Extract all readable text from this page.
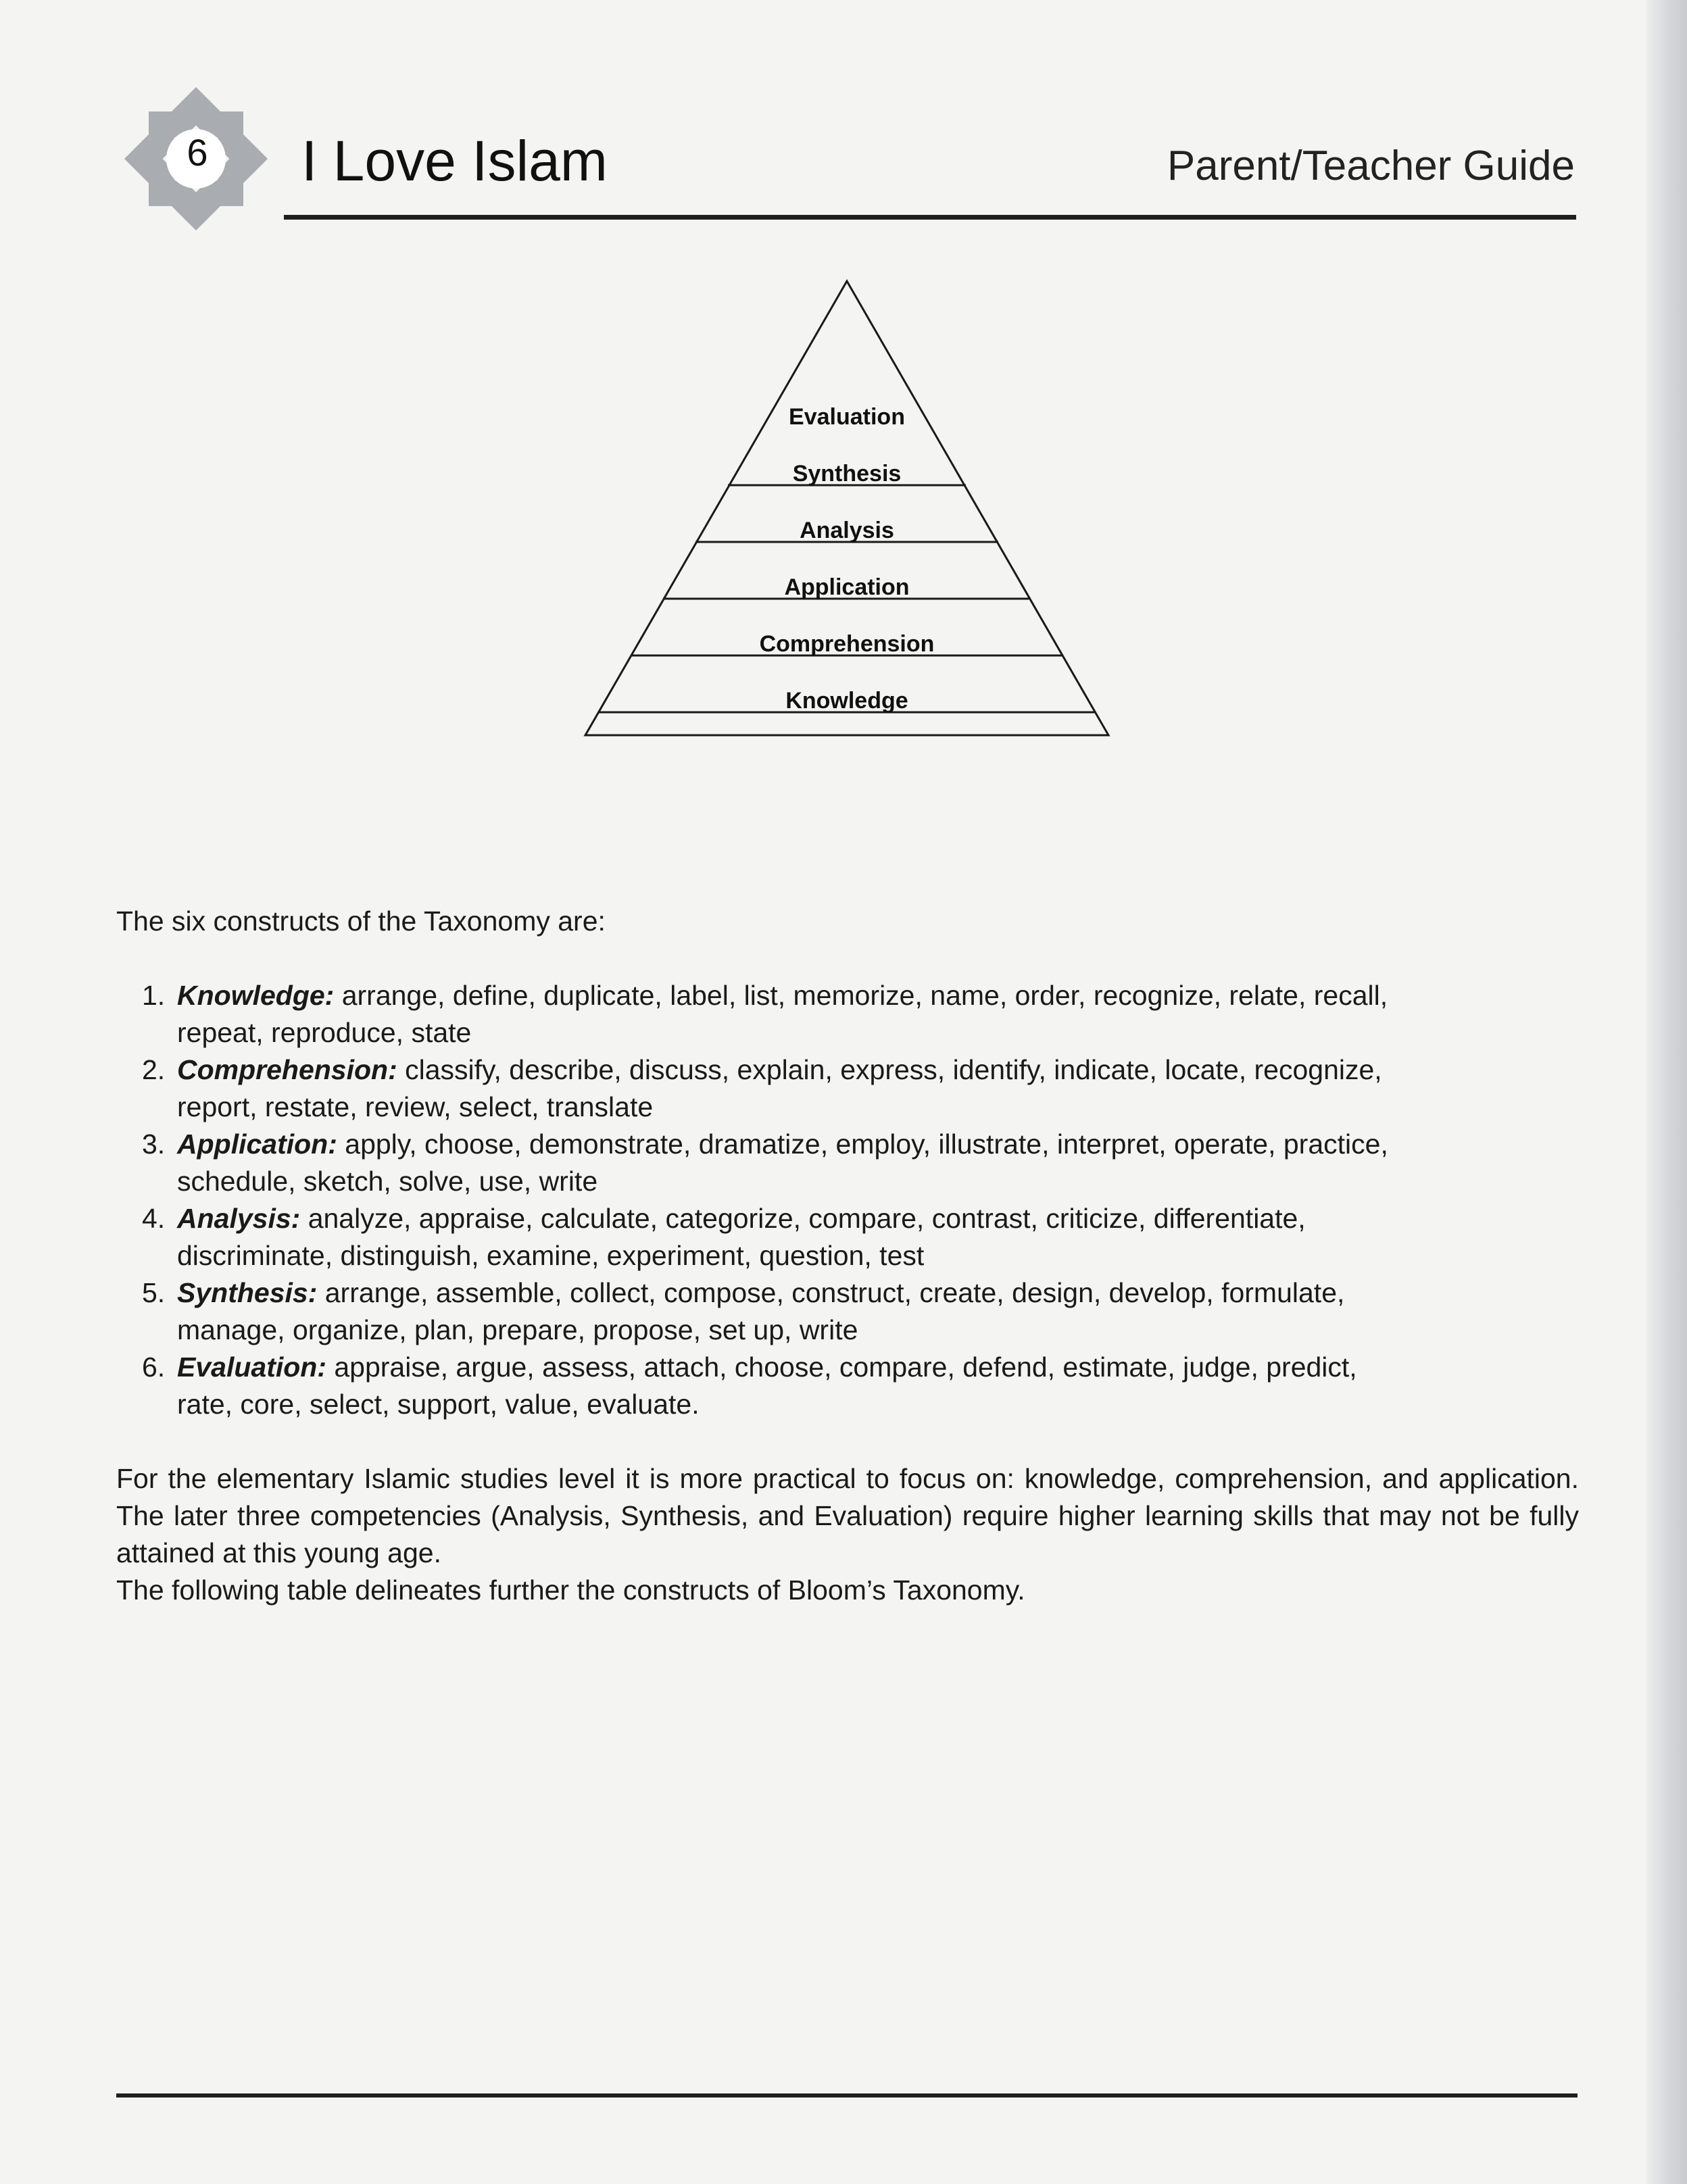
6 I Love Islam	Parent/Teacher Guide
Evaluation
Synthesis
Analysis
Application
Comprehension
Knowledge
The six constructs of the Taxonomy are:
1. Knowledge: arrange, define, duplicate, label, list, memorize, name, order, recognize, relate, recall,
repeat, reproduce, state
2. Comprehension: classify, describe, discuss, explain, express, identify, indicate, locate, recognize,
report, restate, review, select, translate
3. Application: apply, choose, demonstrate, dramatize, employ, illustrate, interpret, operate, practice,
schedule, sketch, solve, use, write
4. Analysis: analyze, appraise, calculate, categorize, compare, contrast, criticize, differentiate,
discriminate, distinguish, examine, experiment, question, test
5. Synthesis: arrange, assemble, collect, compose, construct, create, design, develop, formulate,
manage, organize, plan, prepare, propose, set up, write
6. Evaluation: appraise, argue, assess, attach, choose, compare, defend, estimate, judge, predict,
rate, core, select, support, value, evaluate.

For the elementary Islamic studies level it is more practical to focus on: knowledge, comprehension, and application. The later three competencies (Analysis, Synthesis, and Evaluation) require higher learning skills that may not be fully attained at this young age.

The following table delineates further the constructs of Bloom’s Taxonomy.
